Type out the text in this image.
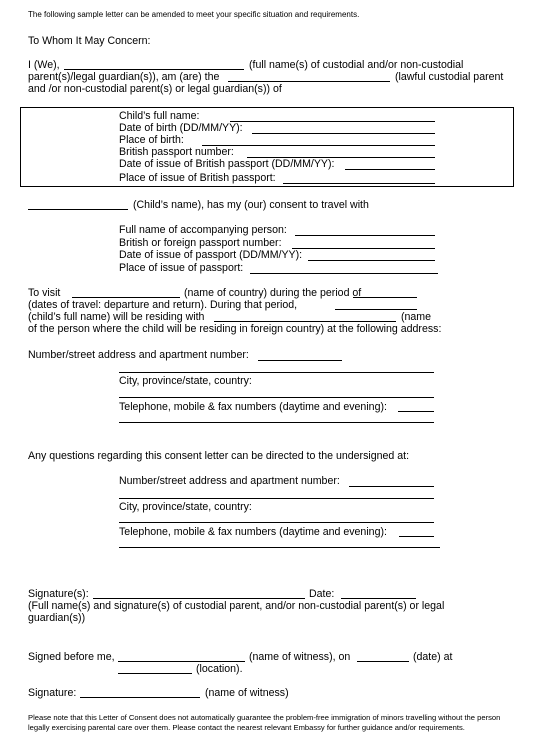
The following sample letter can be amended to meet your specific situation and requirements.
To Whom It May Concern:
I (We),	(full name(s) of custodial and/or non-custodial
parent(s)/legal guardian(s)), am (are) the	(lawful custodial parent
and /or non-custodial parent(s) or legal guardian(s)) of
Child’s full name:
Date of birth (DD/MM/YY):
Place of birth:
British passport number:
Date of issue of British passport (DD/MM/YY):
Place of issue of British passport:
(Child’s name), has my (our) consent to travel with
Full name of accompanying person:
British or foreign passport number:
Date of issue of passport (DD/MM/YY):
Place of issue of passport:
To visit	(name of country) during the period of
(dates of travel: departure and return). During that period,
(child’s full name) will be residing with	(name
of the person where the child will be residing in foreign country) at the following address:
Number/street address and apartment number:
City, province/state, country:
Telephone, mobile & fax numbers (daytime and evening):
Any questions regarding this consent letter can be directed to the undersigned at:
Number/street address and apartment number:
City, province/state, country:
Telephone, mobile & fax numbers (daytime and evening):
Signature(s):	Date:
(Full name(s) and signature(s) of custodial parent, and/or non-custodial parent(s) or legal
guardian(s))
Signed before me,	(name of witness), on	(date) at
(location).
Signature:	(name of witness)
Please note that this Letter of Consent does not automatically guarantee the problem-free immigration of minors travelling without the person legally exercising parental care over them. Please contact the nearest relevant Embassy for further guidance and/or requirements.
